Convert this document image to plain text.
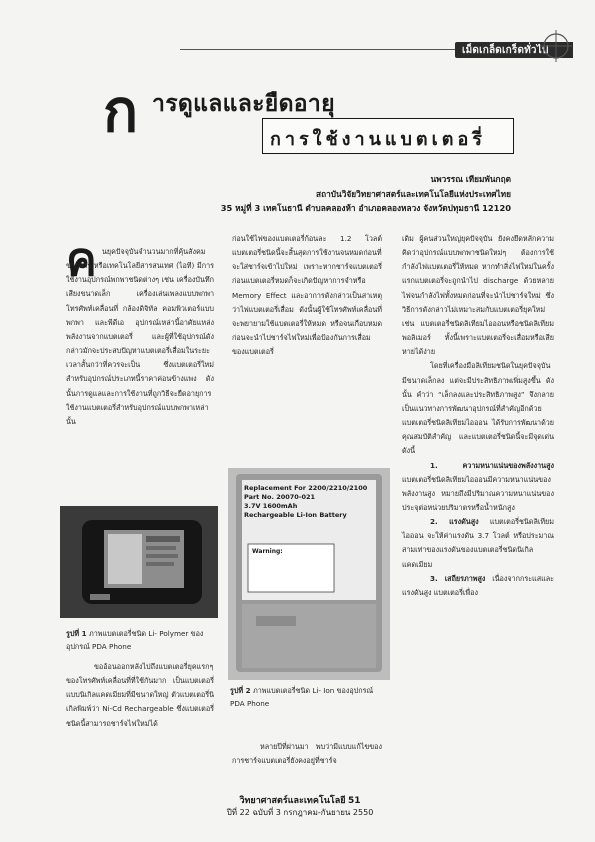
เม็ดเกล็ดเกร็ดทั่วไป
ก ารดูแลและยืดอายุ
การใช้งานแบตเตอรี่
นพวรรณ เทียมพันกฤต
สถาบันวิจัยวิทยาศาสตร์และเทคโนโลยีแห่งประเทศไทย
35 หมู่ที่ 3 เทคโนธานี ตำบลคลองห้า อำเภอคลองหลวง จังหวัดปทุมธานี 12120
ค นยุคปัจจุบันจำนวนมากที่คุ้นสังคมข่าวสาร หรือเทคโนโลยีสารสนเทศ (ไอที) มีการใช้งานอุปกรณ์พกพาชนิดต่างๆ เช่น เครื่องบันทึกเสียงขนาดเล็ก เครื่องเล่นเพลงแบบพกพา โทรศัพท์เคลื่อนที่ กล้องดิจิทัล คอมพิวเตอร์แบบพกพา และพีดีเอ อุปกรณ์เหล่านี้อาศัยแหล่งพลังงานจากแบตเตอรี่ และผู้ที่ใช้อุปกรณ์ดังกล่าวมักจะประสบปัญหาแบตเตอรี่เสื่อมในระยะเวลาสั้นกว่าที่ควรจะเป็น ซึ่งแบตเตอรี่ใหม่สำหรับอุปกรณ์ประเภทนี้ราคาค่อนข้างแพง ดังนั้นการดูแลและการใช้งานที่ถูกวิธีจะยืดอายุการใช้งานแบตเตอรี่สำหรับอุปกรณ์แบบพกพาเหล่านั้น

รูปที่ 1 ภาพแบตเตอรี่ชนิด Li- Polymer ของอุปกรณ์ PDA Phone

ขออ้อนออกหลังไปถึงแบตเตอรี่ยุคแรกๆ ของโทรศัพท์เคลื่อนที่ที่ใช้กันมาก เป็นแบตเตอรี่แบบนิเกิลแคดเมียมที่มีขนาดใหญ่ ตัวแบตเตอรี่นิเกิลพิมพ์ว่า Ni-Cd Rechargeable ซึ่งแบตเตอรี่ชนิดนี้สามารถชาร์จไฟใหม่ได้

ก่อนใช้ไฟของแบตเตอรี่ก้อนละ 1.2 โวลต์ แบตเตอรี่ชนิดนี้จะสิ้นสุดการใช้งานจนหมดก่อนที่จะใส่ชาร์จเข้าไปใหม่ เพราะหากชาร์จแบตเตอรี่ก่อนแบตเตอรี่หมดก็จะเกิดปัญหาการจำหรือ Memory Effect และอาการดังกล่าวเป็นสาเหตุว่าไฟแบตเตอรี่เสื่อม ดังนั้นผู้ใช้โทรศัพท์เคลื่อนที่จะพยายามใช้แบตเตอรี่ให้หมด หรือจนเกือบหมดก่อนจะนำไปชาร์จไฟใหม่เพื่อป้องกันการเสื่อมของแบตเตอรี่

Replacement For 2200/2210/2100
Part No. 20070-021
3.7V 1600mAh
Rechargeable Li-Ion Battery
Warning:
รูปที่ 2 ภาพแบตเตอรี่ชนิด Li- Ion ของอุปกรณ์ PDA Phone

หลายปีที่ผ่านมา พบว่ามีแบบแก้ไขของการชาร์จแบตเตอรี่ยังคงอยู่ที่ชาร์จ

เดิม ผู้คนส่วนใหญ่ยุคปัจจุบัน ยังคงยึดหลักความคิดว่าอุปกรณ์แบบพกพาชนิดใหม่ๆ ต้องการใช้กำลังไฟแบตเตอรี่ให้หมด หากทำสิ่งไฟใหม่ในครั้งแรกแบตเตอรี่จะถูกนำไป discharge ด้วยหลายไฟจนกำลังไฟทั้งหมดก่อนที่จะนำไปชาร์จใหม่ ซึ่งวิธีการดังกล่าวไม่เหมาะสมกับแบตเตอรี่ยุคใหม่ เช่น แบตเตอรี่ชนิดลิเทียมไอออนหรือชนิดลิเทียมพอลิเมอร์ ทั้งนี้เพราะแบตเตอรี่จะเสื่อมหรือเสียหายได้ง่าย

โดยที่เครื่องมือลิเทียมชนิดในยุคปัจจุบันมีขนาดเล็กลง แต่จะมีประสิทธิภาพเพิ่มสูงขึ้น ดังนั้น คำว่า “เล็กลงและประสิทธิภาพสูง” จึงกลายเป็นแนวทางการพัฒนาอุปกรณ์ที่สำคัญอีกด้วย แบตเตอรี่ชนิดลิเทียมไอออน ได้รับการพัฒนาด้วยคุณสมบัติสำคัญ และแบตเตอรี่ชนิดนี้จะมีจุดเด่นดังนี้

1. ความหนาแน่นของพลังงานสูง แบตเตอรี่ชนิดลิเทียมไอออนมีความหนาแน่นของพลังงานสูง หมายถึงมีปริมาณความหนาแน่นของประจุต่อหน่วยปริมาตรหรือน้ำหนักสูง

2. แรงดันสูง แบตเตอรี่ชนิดลิเทียมไอออน จะให้ค่าแรงดัน 3.7 โวลต์ หรือประมาณสามเท่าของแรงดันของแบตเตอรี่ชนิดนิเกิลแคดเมียม

3. เสถียรภาพสูง เนื่องจากกระแสและแรงดันสูง แบตเตอรี่เพื่อง

วิทยาศาสตร์และเทคโนโลยี 51
ปีที่ 22 ฉบับที่ 3 กรกฎาคม-กันยายน 2550
